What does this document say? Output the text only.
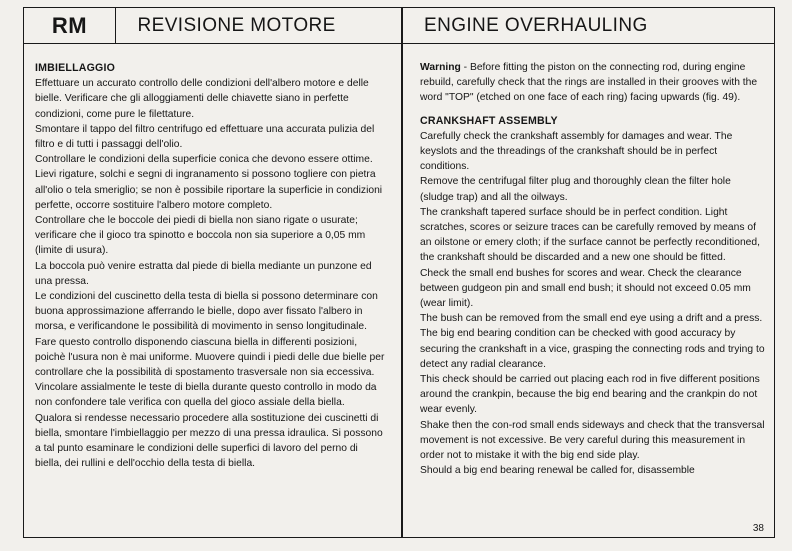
RM	REVISIONE MOTORE	ENGINE OVERHAULING

IMBIELLAGGIO

Effettuare un accurato controllo delle condizioni dell'albero motore e delle bielle. Verificare che gli alloggiamenti delle chiavette siano in perfette condizioni, come pure le filettature.

Smontare il tappo del filtro centrifugo ed effettuare una accurata pulizia del filtro e di tutti i passaggi dell'olio.

Controllare le condizioni della superficie conica che devono essere ottime. Lievi rigature, solchi e segni di ingranamento si possono togliere con pietra all'olio o tela smeriglio; se non è possibile riportare la superficie in condizioni perfette, occorre sostituire l'albero motore completo.

Controllare che le boccole dei piedi di biella non siano rigate o usurate; verificare che il gioco tra spinotto e boccola non sia superiore a 0,05 mm (limite di usura).

La boccola può venire estratta dal piede di biella mediante un punzone ed una pressa.

Le condizioni del cuscinetto della testa di biella si possono determinare con buona approssimazione afferrando le bielle, dopo aver fissato l'albero in morsa, e verificandone le possibilità di movimento in senso longitudinale.

Fare questo controllo disponendo ciascuna biella in differenti posizioni, poichè l'usura non è mai uniforme. Muovere quindi i piedi delle due bielle per controllare che la possibilità di spostamento trasversale non sia eccessiva.

Vincolare assialmente le teste di biella durante questo controllo in modo da non confondere tale verifica con quella del gioco assiale della biella.

Qualora si rendesse necessario procedere alla sostituzione dei cuscinetti di biella, smontare l'imbiellaggio per mezzo di una pressa idraulica. Si possono a tal punto esaminare le condizioni delle superfici di lavoro del perno di biella, dei rullini e dell'occhio della testa di biella.

Warning - Before fitting the piston on the connecting rod, during engine rebuild, carefully check that the rings are installed in their grooves with the word "TOP" (etched on one face of each ring) facing upwards (fig. 49).

CRANKSHAFT ASSEMBLY

Carefully check the crankshaft assembly for damages and wear. The keyslots and the threadings of the crankshaft should be in perfect conditions.

Remove the centrifugal filter plug and thoroughly clean the filter hole (sludge trap) and all the oilways.

The crankshaft tapered surface should be in perfect condition. Light scratches, scores or seizure traces can be carefully removed by means of an oilstone or emery cloth; if the surface cannot be perfectly reconditioned, the crankshaft should be discarded and a new one should be fitted.

Check the small end bushes for scores and wear. Check the clearance between gudgeon pin and small end bush; it should not exceed 0.05 mm (wear limit).

The bush can be removed from the small end eye using a drift and a press.

The big end bearing condition can be checked with good accuracy by securing the crankshaft in a vice, grasping the connecting rods and trying to detect any radial clearance.

This check should be carried out placing each rod in five different positions around the crankpin, because the big end bearing and the crankpin do not wear evenly.

Shake then the con-rod small ends sideways and check that the transversal movement is not excessive. Be very careful during this measurement in order not to mistake it with the big end side play.

Should a big end bearing renewal be called for, disassemble

38
